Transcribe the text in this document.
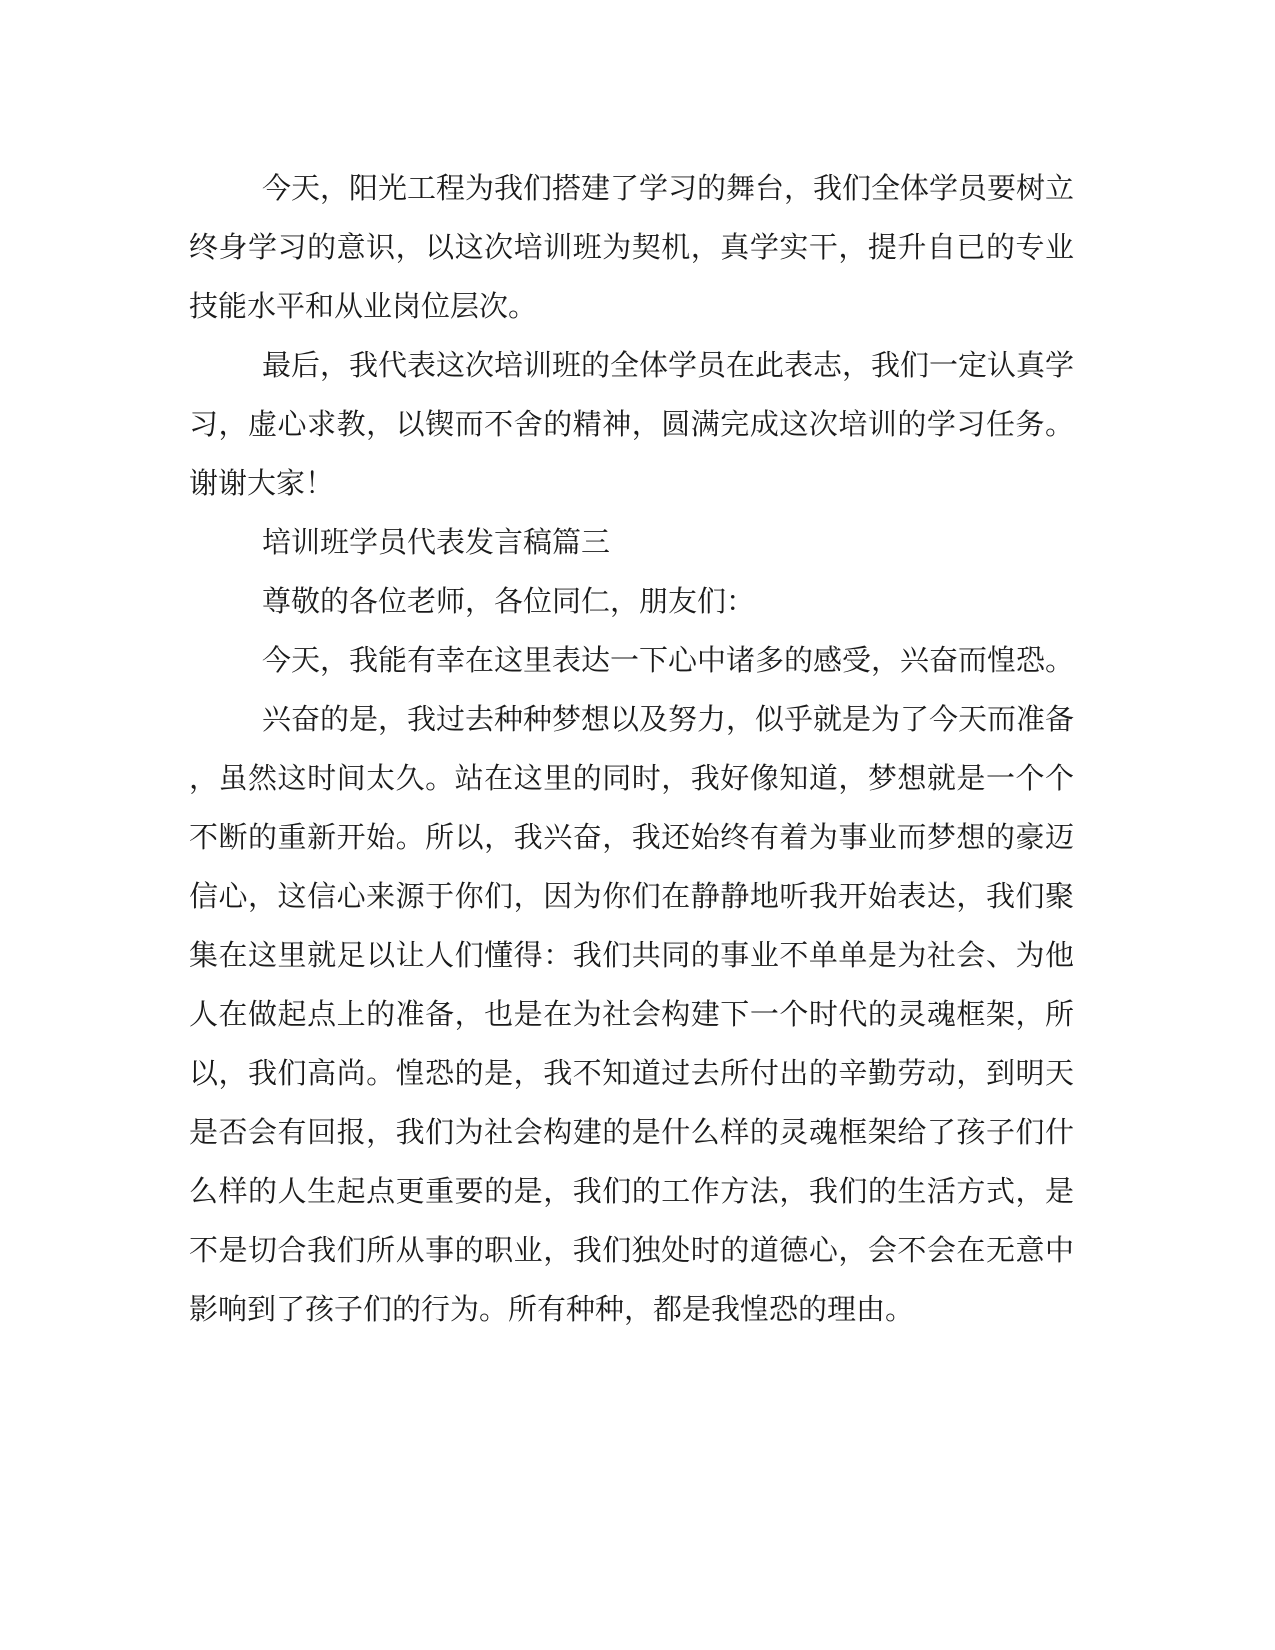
今天，阳光工程为我们搭建了学习的舞台，我们全体学员要树立
终身学习的意识，以这次培训班为契机，真学实干，提升自已的专业
技能水平和从业岗位层次。
最后，我代表这次培训班的全体学员在此表志，我们一定认真学
习，虚心求教，以锲而不舍的精神，圆满完成这次培训的学习任务。
谢谢大家！
培训班学员代表发言稿篇三
尊敬的各位老师，各位同仁，朋友们：
今天，我能有幸在这里表达一下心中诸多的感受，兴奋而惶恐。
兴奋的是，我过去种种梦想以及努力，似乎就是为了今天而准备
，虽然这时间太久。站在这里的同时，我好像知道，梦想就是一个个
不断的重新开始。所以，我兴奋，我还始终有着为事业而梦想的豪迈
信心，这信心来源于你们，因为你们在静静地听我开始表达，我们聚
集在这里就足以让人们懂得：我们共同的事业不单单是为社会、为他
人在做起点上的准备，也是在为社会构建下一个时代的灵魂框架，所
以，我们高尚。惶恐的是，我不知道过去所付出的辛勤劳动，到明天
是否会有回报，我们为社会构建的是什么样的灵魂框架给了孩子们什
么样的人生起点更重要的是，我们的工作方法，我们的生活方式，是
不是切合我们所从事的职业，我们独处时的道德心，会不会在无意中
影响到了孩子们的行为。所有种种，都是我惶恐的理由。
